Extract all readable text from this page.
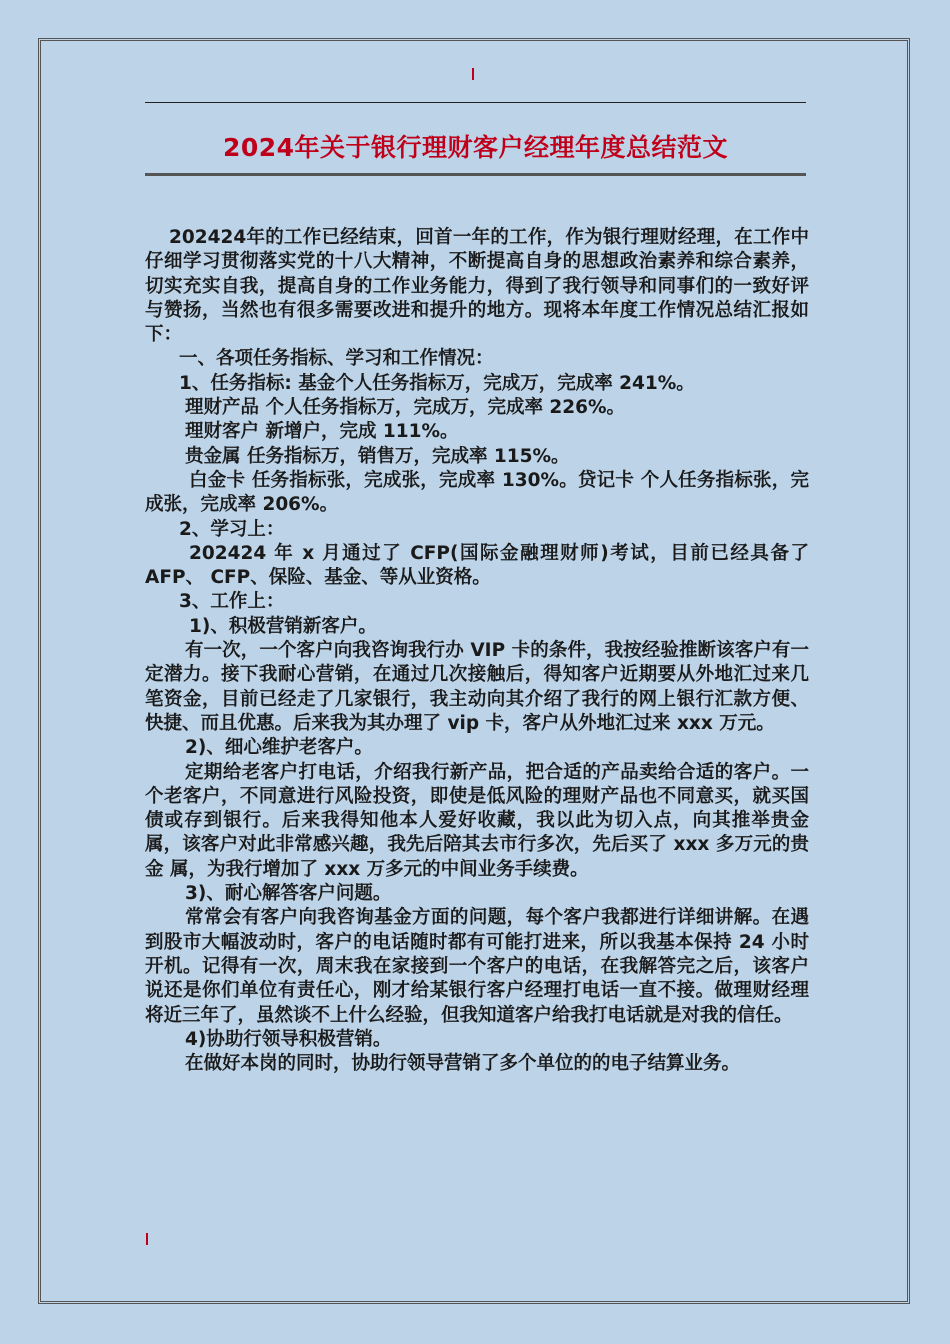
2024年关于银行理财客户经理年度总结范文

202424年的工作已经结束，回首一年的工作，作为银行理财经理，在工作中仔细学习贯彻落实党的十八大精神，不断提高自身的思想政治素养和综合素养，切实充实自我，提高自身的工作业务能力，得到了我行领导和同事们的一致好评与赞扬，当然也有很多需要改进和提升的地方。现将本年度工作情况总结汇报如下：

一、各项任务指标、学习和工作情况：

1、任务指标: 基金个人任务指标万，完成万，完成率 241%。

理财产品 个人任务指标万，完成万，完成率 226%。

理财客户 新增户，完成 111%。

贵金属 任务指标万，销售万，完成率 115%。

白金卡 任务指标张，完成张，完成率 130%。贷记卡 个人任务指标张，完成张，完成率 206%。

2、学习上：

202424 年 x 月通过了 CFP(国际金融理财师)考试，目前已经具备了 AFP、 CFP、保险、基金、等从业资格。

3、工作上：

1)、积极营销新客户。

有一次，一个客户向我咨询我行办 VIP 卡的条件，我按经验推断该客户有一 定潜力。接下我耐心营销，在通过几次接触后，得知客户近期要从外地汇过来几 笔资金，目前已经走了几家银行，我主动向其介绍了我行的网上银行汇款方便、 快捷、而且优惠。后来我为其办理了 vip 卡，客户从外地汇过来 xxx 万元。

2)、细心维护老客户。

定期给老客户打电话，介绍我行新产品，把合适的产品卖给合适的客户。一 个老客户，不同意进行风险投资，即使是低风险的理财产品也不同意买，就买国 债或存到银行。后来我得知他本人爱好收藏，我以此为切入点，向其推举贵金属，该客户对此非常感兴趣，我先后陪其去市行多次，先后买了 xxx 多万元的贵金 属，为我行增加了 xxx 万多元的中间业务手续费。

3)、耐心解答客户问题。

常常会有客户向我咨询基金方面的问题，每个客户我都进行详细讲解。在遇 到股市大幅波动时，客户的电话随时都有可能打进来，所以我基本保持 24 小时 开机。记得有一次，周末我在家接到一个客户的电话，在我解答完之后，该客户 说还是你们单位有责任心，刚才给某银行客户经理打电话一直不接。做理财经理 将近三年了，虽然谈不上什么经验，但我知道客户给我打电话就是对我的信任。

4)协助行领导积极营销。

在做好本岗的同时，协助行领导营销了多个单位的的电子结算业务。
